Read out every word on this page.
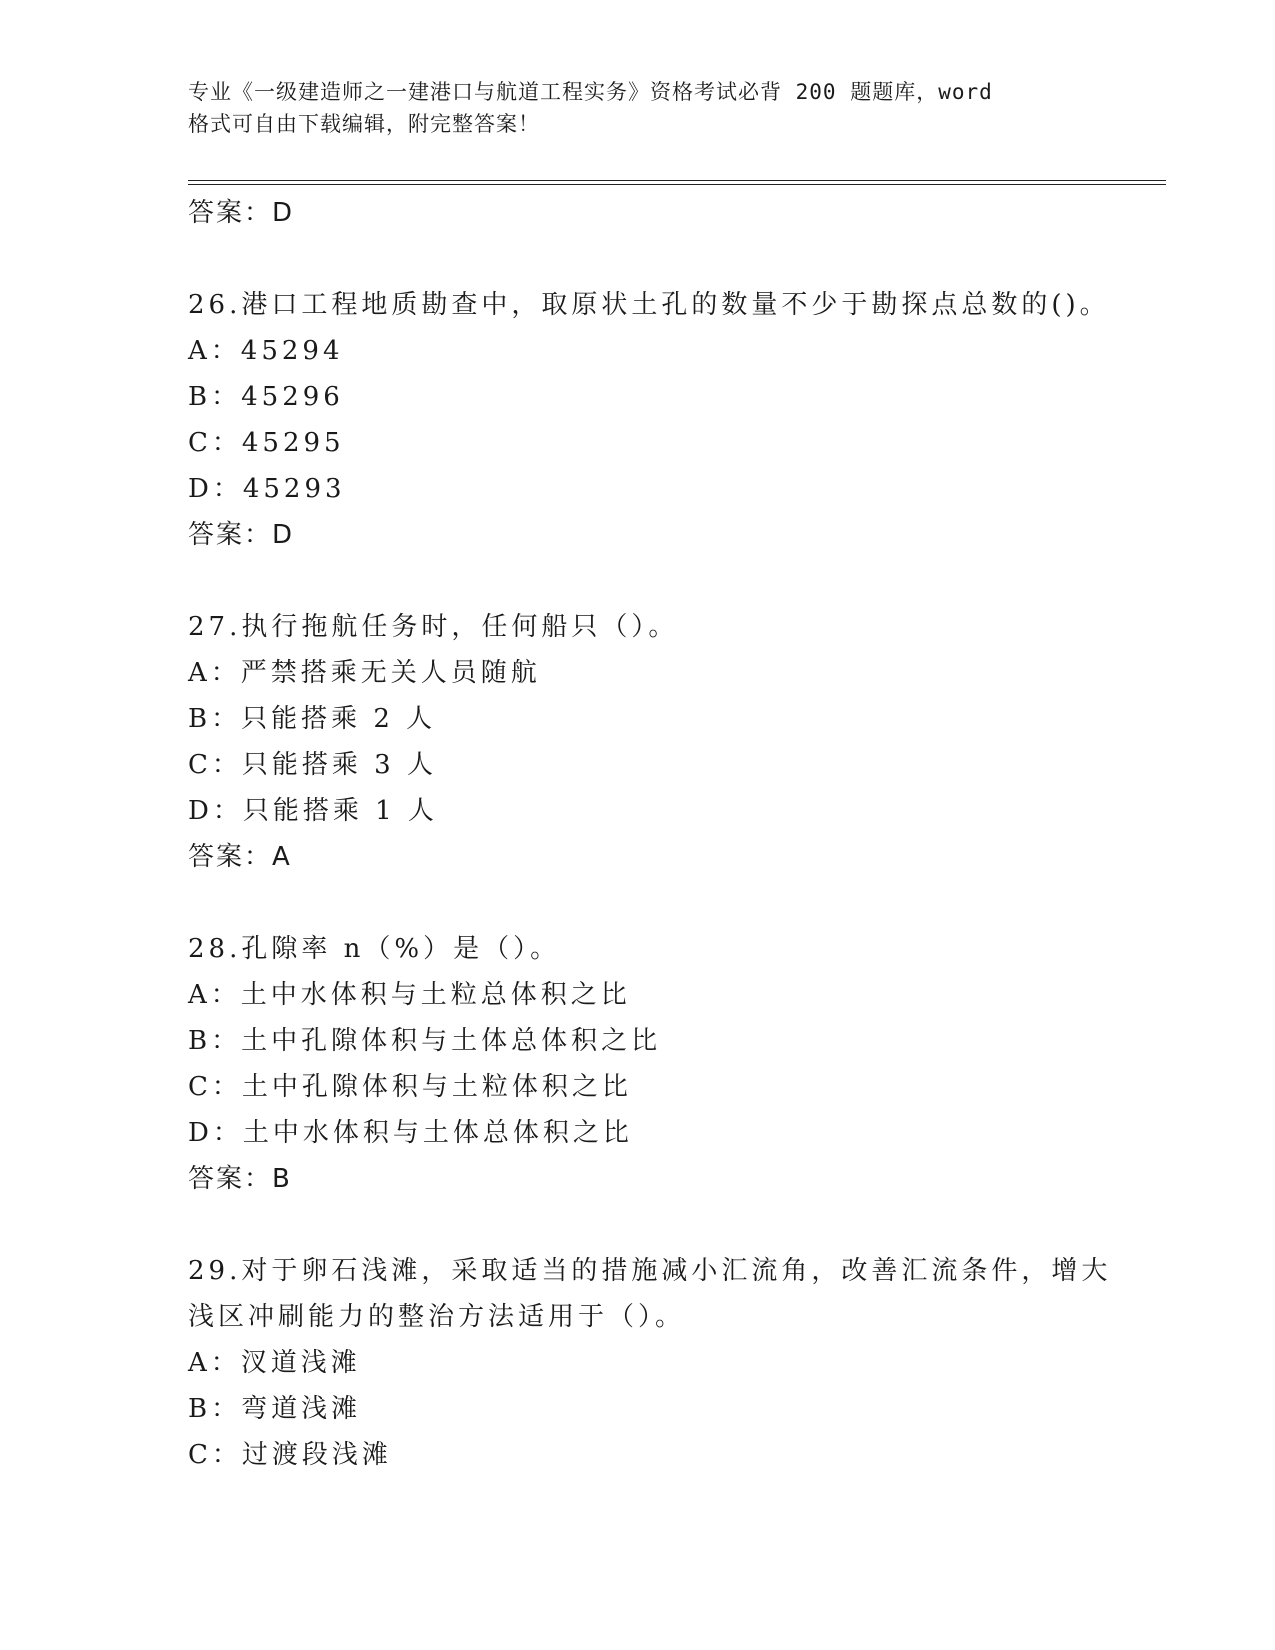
专业《一级建造师之一建港口与航道工程实务》资格考试必背 200 题题库，word
格式可自由下载编辑，附完整答案！
答案：D
26.港口工程地质勘查中，取原状土孔的数量不少于勘探点总数的()。
A：45294
B：45296
C：45295
D：45293
答案：D
27.执行拖航任务时，任何船只（）。
A：严禁搭乘无关人员随航
B：只能搭乘 2 人
C：只能搭乘 3 人
D：只能搭乘 1 人
答案：A
28.孔隙率 n（%）是（）。
A：土中水体积与土粒总体积之比
B：土中孔隙体积与土体总体积之比
C：土中孔隙体积与土粒体积之比
D：土中水体积与土体总体积之比
答案：B
29.对于卵石浅滩，采取适当的措施减小汇流角，改善汇流条件，增大
浅区冲刷能力的整治方法适用于（）。
A：汊道浅滩
B：弯道浅滩
C：过渡段浅滩
